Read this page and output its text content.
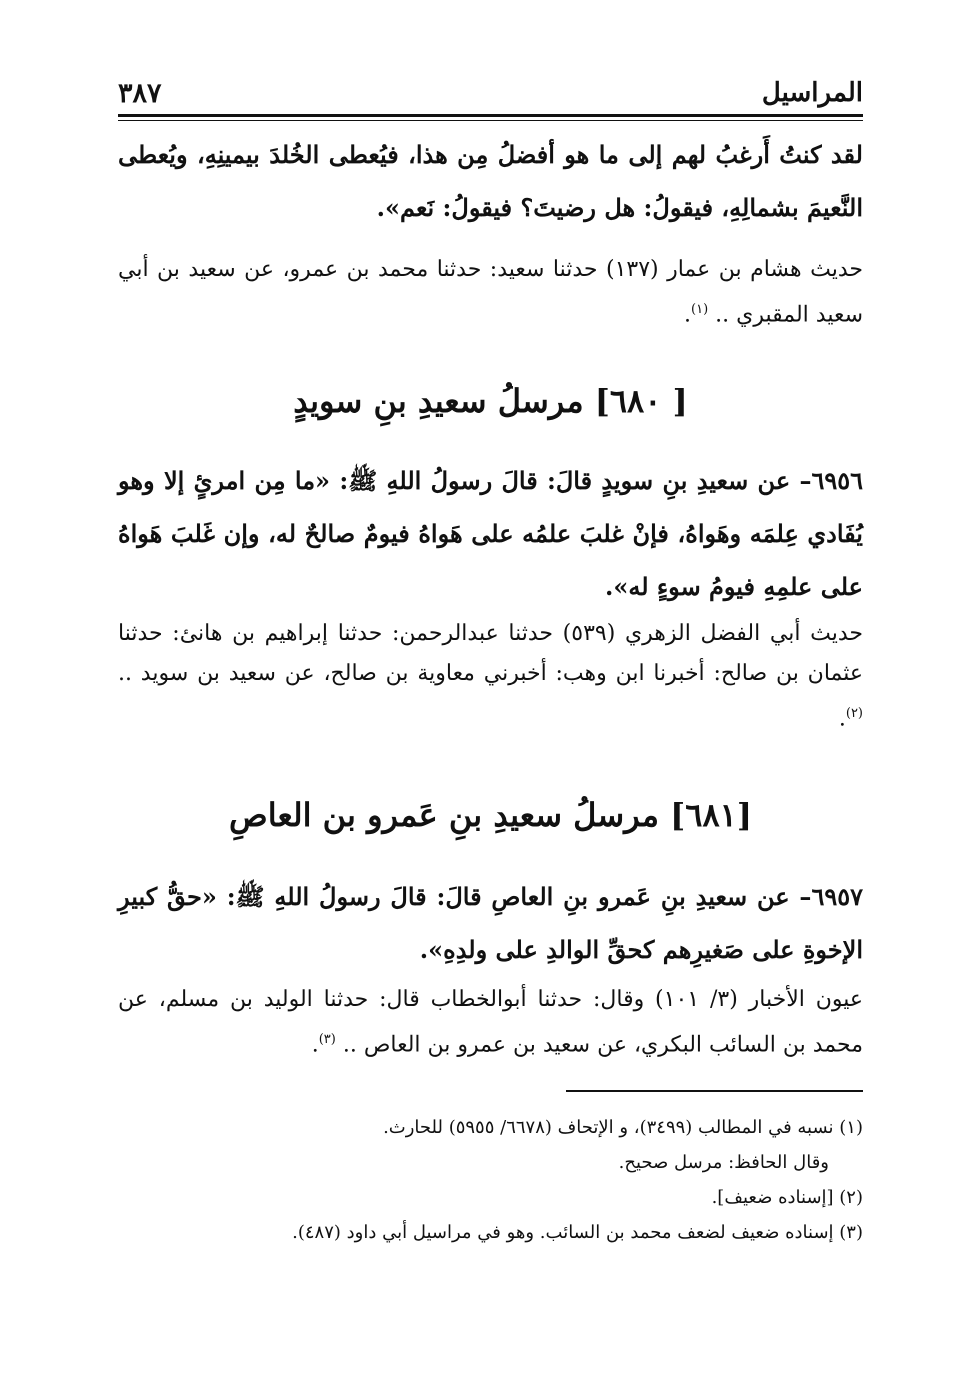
المراسيل
٣٨٧

لقد كنتُ أَرغبُ لهم إلى ما هو أفضلُ مِن هذا، فيُعطى الخُلدَ بيمينِهِ، ويُعطى النَّعيمَ بشمالِهِ، فيقولُ: هل رضيتَ؟ فيقولُ: نَعم».

حديث هشام بن عمار (١٣٧) حدثنا سعيد: حدثنا محمد بن عمرو، عن سعيد بن أبي سعيد المقبري .. $^{(١)}$.

[ ٦٨٠] مرسلُ سعيدِ بنِ سويدٍ

٦٩٥٦– عن سعيدِ بنِ سويدٍ قالَ: قالَ رسولُ اللهِ ﷺ: «ما مِن امرئٍ إلا وهو يُفَادي عِلمَه وهَواهُ، فإنْ غلبَ علمُه على هَواهُ فيومٌ صالحٌ له، وإن غَلبَ هَواهُ على علمِهِ فيومُ سوءٍ له».

حديث أبي الفضل الزهري (٥٣٩) حدثنا عبدالرحمن: حدثنا إبراهيم بن هانئ: حدثنا عثمان بن صالح: أخبرنا ابن وهب: أخبرني معاوية بن صالح، عن سعيد بن سويد .. $^{(٢)}$.

[٦٨١] مرسلُ سعيدِ بنِ عَمرو بن العاصِ

٦٩٥٧– عن سعيدِ بنِ عَمرو بنِ العاصِ قالَ: قالَ رسولُ اللهِ ﷺ: «حقُّ كبيرِ الإخوةِ على صَغيرِهم كحقِّ الوالدِ على ولدِهِ».

عيون الأخبار (٣/ ١٠١) وقال: حدثنا أبوالخطاب قال: حدثنا الوليد بن مسلم، عن محمد بن السائب البكري، عن سعيد بن عمرو بن العاص .. $^{(٣)}$.

(١) نسبه في المطالب (٣٤٩٩)، و الإتحاف (٦٦٧٨/ ٥٩٥٥) للحارث.

وقال الحافظ: مرسل صحيح.

(٢) [إسناده ضعيف].

(٣) إسناده ضعيف لضعف محمد بن السائب. وهو في مراسيل أبي داود (٤٨٧).
